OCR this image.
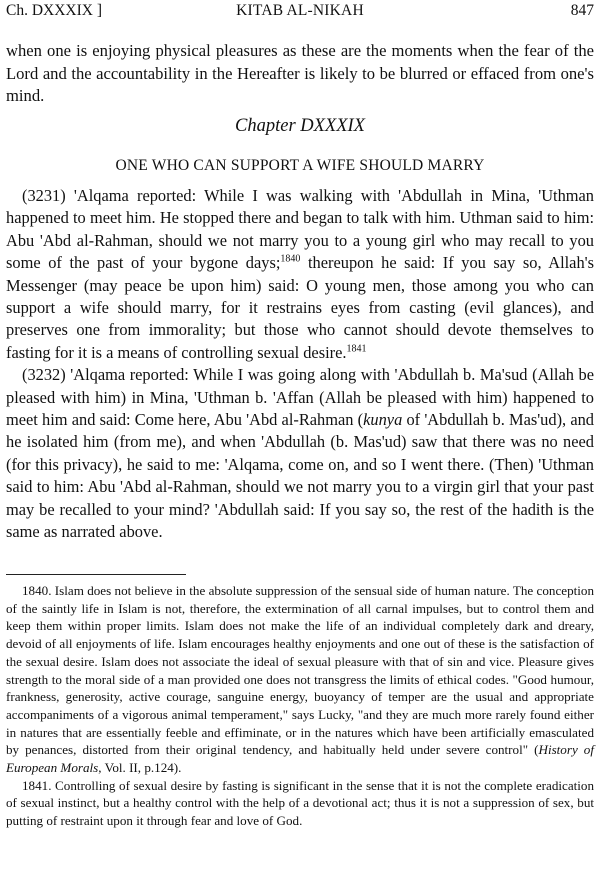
Ch. DXXXIX ]	KITAB AL-NIKAH	847
when one is enjoying physical pleasures as these are the moments when the fear of the Lord and the accountability in the Hereafter is likely to be blurred or effaced from one's mind.
Chapter DXXXIX
ONE WHO CAN SUPPORT A WIFE SHOULD MARRY

(3231) 'Alqama reported: While I was walking with 'Abdullah in Mina, 'Uthman happened to meet him. He stopped there and began to talk with him. Uthman said to him: Abu 'Abd al-Rahman, should we not marry you to a young girl who may recall to you some of the past of your bygone days;$^{1840}$ thereupon he said: If you say so, Allah's Messenger (may peace be upon him) said: O young men, those among you who can support a wife should marry, for it restrains eyes from casting (evil glances), and preserves one from immorality; but those who cannot should devote themselves to fasting for it is a means of controlling sexual desire.$^{1841}$

(3232) 'Alqama reported: While I was going along with 'Abdullah b. Ma'sud (Allah be pleased with him) in Mina, 'Uthman b. 'Affan (Allah be pleased with him) happened to meet him and said: Come here, Abu 'Abd al-Rahman (kunya of 'Abdullah b. Mas'ud), and he isolated him (from me), and when 'Abdullah (b. Mas'ud) saw that there was no need (for this privacy), he said to me: 'Alqama, come on, and so I went there. (Then) 'Uthman said to him: Abu 'Abd al-Rahman, should we not marry you to a virgin girl that your past may be recalled to your mind? 'Abdullah said: If you say so, the rest of the hadith is the same as narrated above.

1840. Islam does not believe in the absolute suppression of the sensual side of human nature. The conception of the saintly life in Islam is not, therefore, the extermination of all carnal impulses, but to control them and keep them within proper limits. Islam does not make the life of an individual completely dark and dreary, devoid of all enjoyments of life. Islam encourages healthy enjoyments and one out of these is the satisfaction of the sexual desire. Islam does not associate the ideal of sexual pleasure with that of sin and vice. Pleasure gives strength to the moral side of a man provided one does not transgress the limits of ethical codes. "Good humour, frankness, generosity, active courage, sanguine energy, buoyancy of temper are the usual and appropriate accompaniments of a vigorous animal temperament," says Lucky, "and they are much more rarely found either in natures that are essentially feeble and effiminate, or in the natures which have been artificially emasculated by penances, distorted from their original tendency, and habitually held under severe control" (History of European Morals, Vol. II, p.124).

1841. Controlling of sexual desire by fasting is significant in the sense that it is not the complete eradication of sexual instinct, but a healthy control with the help of a devotional act; thus it is not a suppression of sex, but putting of restraint upon it through fear and love of God.
